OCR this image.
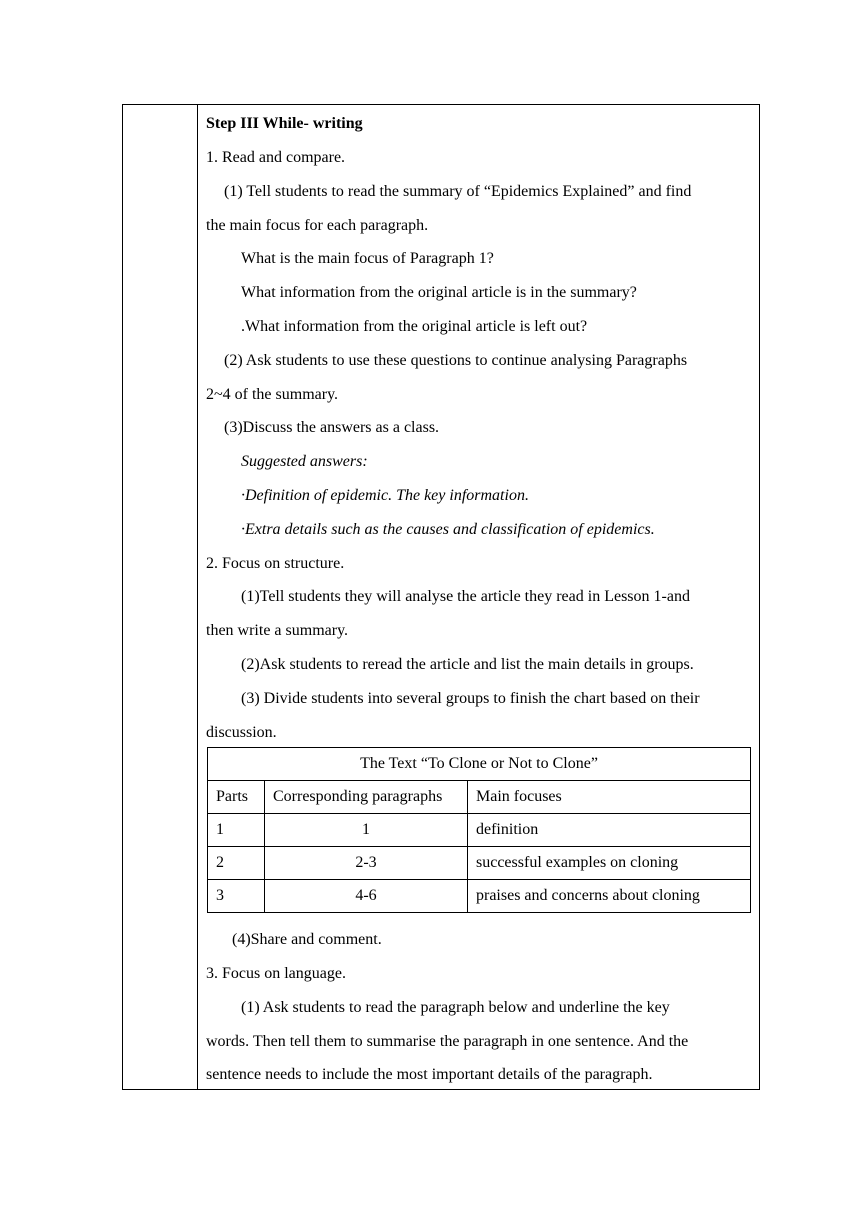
Step III While- writing
1. Read and compare.
(1) Tell students to read the summary of “Epidemics Explained” and find
the main focus for each paragraph.
What is the main focus of Paragraph 1?
What information from the original article is in the summary?
.What information from the original article is left out?
(2) Ask students to use these questions to continue analysing Paragraphs
2~4 of the summary.
(3)Discuss the answers as a class.
Suggested answers:
·Definition of epidemic. The key information.
·Extra details such as the causes and classification of epidemics.
2. Focus on structure.
(1)Tell students they will analyse the article they read in Lesson 1-and
then write a summary.
(2)Ask students to reread the article and list the main details in groups.
(3) Divide students into several groups to finish the chart based on their
discussion.
(4)Share and comment.
3. Focus on language.
(1) Ask students to read the paragraph below and underline the key
words. Then tell them to summarise the paragraph in one sentence. And the
sentence needs to include the most important details of the paragraph.
The Text “To Clone or Not to Clone”		
Parts	Corresponding paragraphs	Main focuses
1	1	definition
2	2-3	successful examples on cloning
3	4-6	praises and concerns about cloning
